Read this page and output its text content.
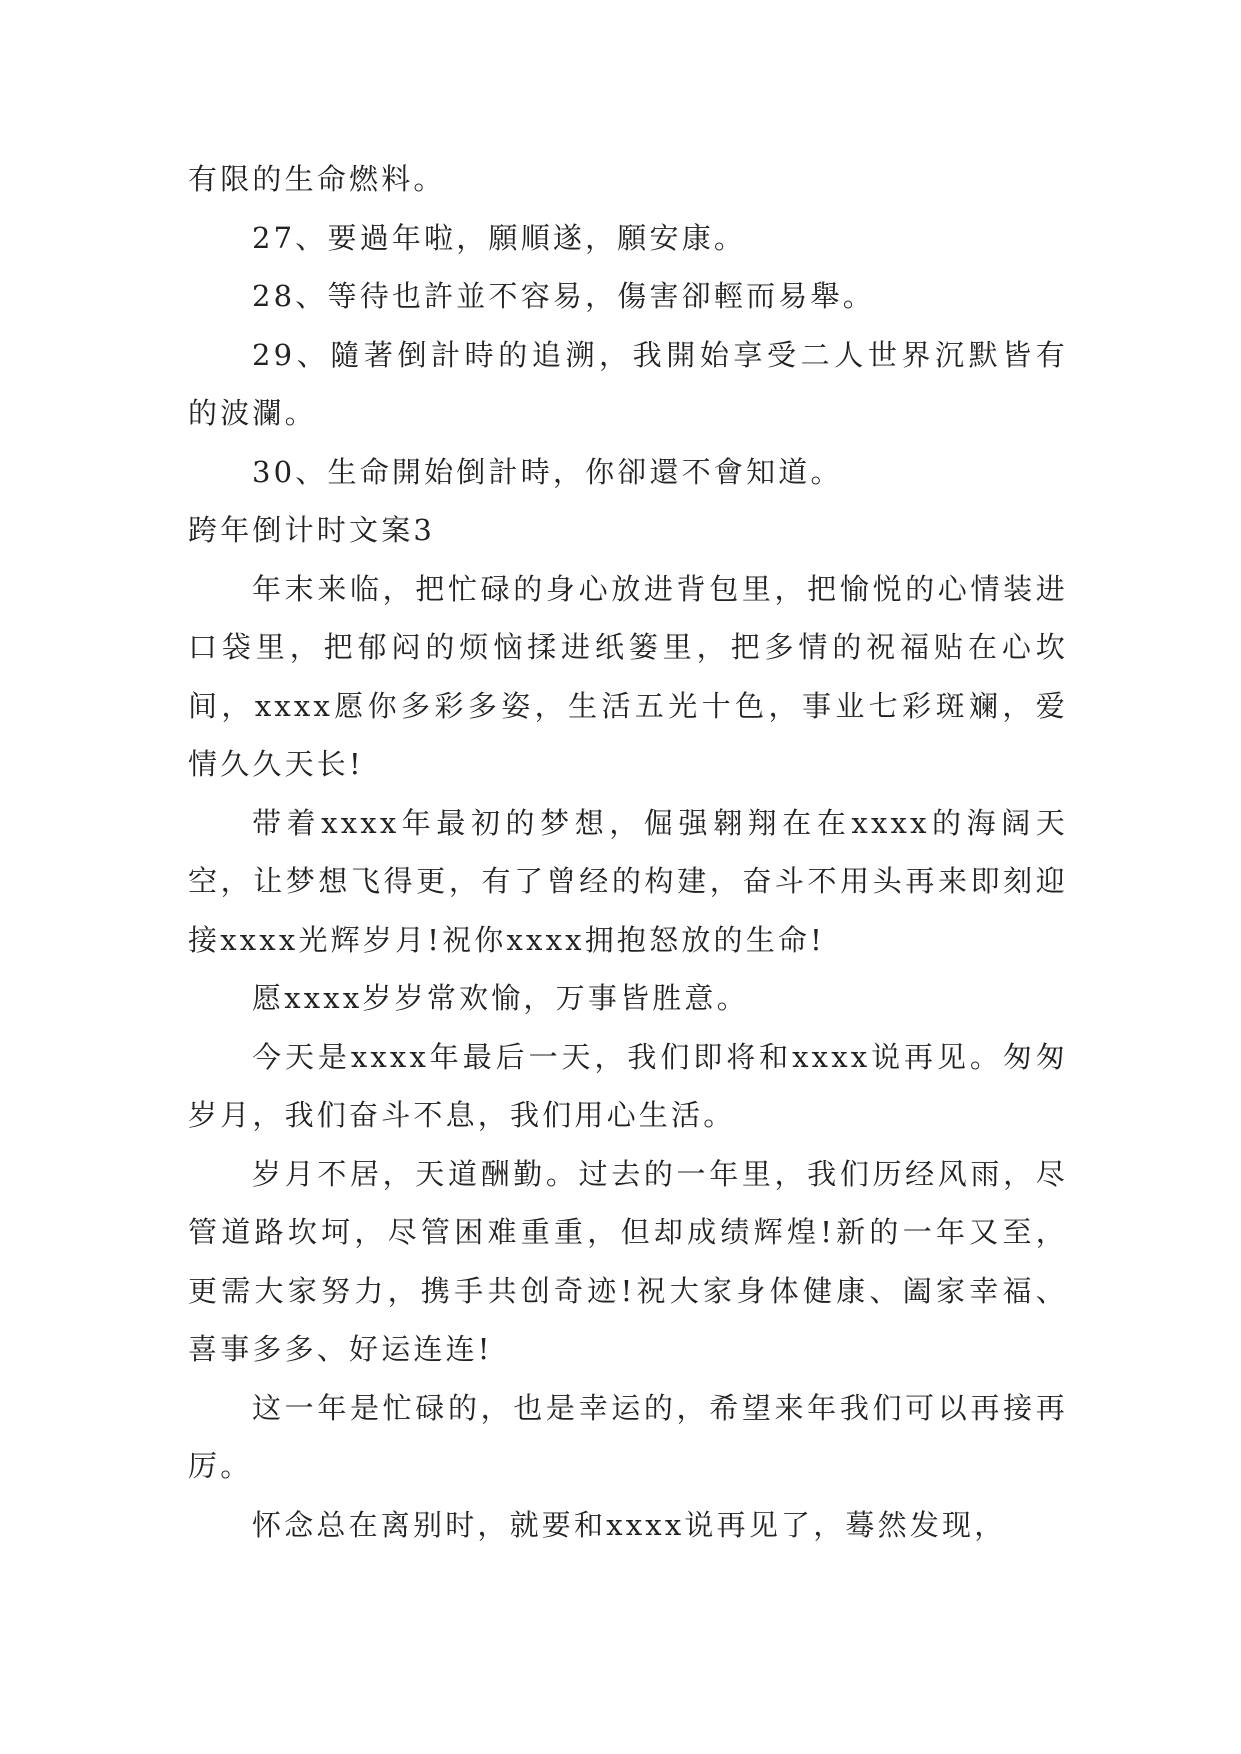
有限的生命燃料。

27、要過年啦，願順遂，願安康。

28、等待也許並不容易，傷害卻輕而易舉。

29、隨著倒計時的追溯，我開始享受二人世界沉默皆有的波瀾。

30、生命開始倒計時，你卻還不會知道。

跨年倒计时文案3

年末来临，把忙碌的身心放进背包里，把愉悦的心情装进口袋里，把郁闷的烦恼揉进纸篓里，把多情的祝福贴在心坎间，xxxx愿你多彩多姿，生活五光十色，事业七彩斑斓，爱情久久天长!

带着xxxx年最初的梦想，倔强翱翔在在xxxx的海阔天空，让梦想飞得更，有了曾经的构建，奋斗不用头再来即刻迎接xxxx光辉岁月!祝你xxxx拥抱怒放的生命!

愿xxxx岁岁常欢愉，万事皆胜意。

今天是xxxx年最后一天，我们即将和xxxx说再见。匆匆岁月，我们奋斗不息，我们用心生活。

岁月不居，天道酬勤。过去的一年里，我们历经风雨，尽管道路坎坷，尽管困难重重，但却成绩辉煌!新的一年又至，更需大家努力，携手共创奇迹!祝大家身体健康、阖家幸福、喜事多多、好运连连!

这一年是忙碌的，也是幸运的，希望来年我们可以再接再厉。

怀念总在离别时，就要和xxxx说再见了，蓦然发现，
